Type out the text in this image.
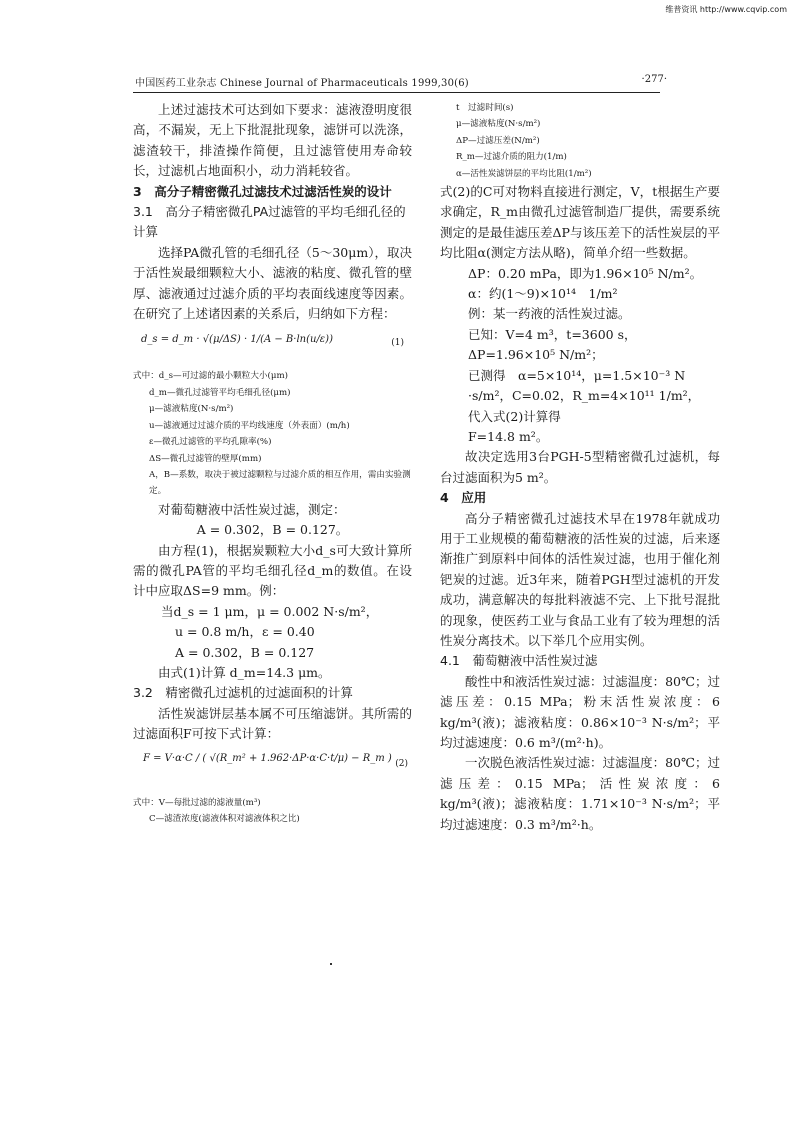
维普资讯 http://www.cqvip.com
中国医药工业杂志 Chinese Journal of Pharmaceuticals 1999,30(6)	·277·

上述过滤技术可达到如下要求：滤液澄明度很高，不漏炭，无上下批混批现象，滤饼可以洗涤，滤渣较干，排渣操作简便，且过滤管使用寿命较长，过滤机占地面积小，动力消耗较省。

3　高分子精密微孔过滤技术过滤活性炭的设计

3.1　高分子精密微孔PA过滤管的平均毛细孔径的计算

选择PA微孔管的毛细孔径（5～30μm），取决于活性炭最细颗粒大小、滤液的粘度、微孔管的壁厚、滤液通过过滤介质的平均表面线速度等因素。在研究了上述诸因素的关系后，归纳如下方程：

d_s = d_m · √(μ/ΔS) · 1/(A − B·ln(u/ε))	(1)

式中：d_s—可过滤的最小颗粒大小(μm)

d_m—微孔过滤管平均毛细孔径(μm)

μ—滤液粘度(N·s/m²)

u—滤液通过过滤介质的平均线速度（外表面）(m/h)

ε—微孔过滤管的平均孔隙率(%)

ΔS—微孔过滤管的壁厚(mm)

A，B—系数，取决于被过滤颗粒与过滤介质的相互作用，需由实验测定。

对葡萄糖液中活性炭过滤，测定：

A = 0.302，B = 0.127。

由方程(1)，根据炭颗粒大小d_s可大致计算所需的微孔PA管的平均毛细孔径d_m的数值。在设计中应取ΔS=9 mm。例：

当d_s = 1 μm，μ = 0.002 N·s/m²，

u = 0.8 m/h，ε = 0.40

A = 0.302，B = 0.127

由式(1)计算 d_m=14.3 μm。

3.2　精密微孔过滤机的过滤面积的计算

活性炭滤饼层基本属不可压缩滤饼。其所需的过滤面积F可按下式计算：

F = V·α·C / ( √(R_m² + 1.962·ΔP·α·C·t/μ) − R_m ) (2)

式中：V—每批过滤的滤液量(m³)

C—滤渣浓度(滤液体积对滤液体积之比)

t　过滤时间(s)

μ—滤液粘度(N·s/m²)

ΔP—过滤压差(N/m²)

R_m—过滤介质的阻力(1/m)

α—活性炭滤饼层的平均比阻(1/m²)

式(2)的C可对物料直接进行测定，V，t根据生产要求确定，R_m由微孔过滤管制造厂提供，需要系统测定的是最佳滤压差ΔP与该压差下的活性炭层的平均比阻α(测定方法从略)，简单介绍一些数据。

ΔP：0.20 mPa，即为1.96×10⁵ N/m²。

α：约(1～9)×10¹⁴　1/m²

例：某一药液的活性炭过滤。

已知：V=4 m³，t=3600 s，

ΔP=1.96×10⁵ N/m²；

已测得　α=5×10¹⁴，μ=1.5×10⁻³ N

·s/m²，C=0.02，R_m=4×10¹¹ 1/m²，

代入式(2)计算得

F=14.8 m²。

故决定选用3台PGH-5型精密微孔过滤机，每台过滤面积为5 m²。

4　应用

高分子精密微孔过滤技术早在1978年就成功用于工业规模的葡萄糖液的活性炭的过滤，后来逐渐推广到原料中间体的活性炭过滤，也用于催化剂钯炭的过滤。近3年来，随着PGH型过滤机的开发成功，满意解决的每批料液滤不完、上下批号混批的现象，使医药工业与食品工业有了较为理想的活性炭分离技术。以下举几个应用实例。

4.1　葡萄糖液中活性炭过滤

酸性中和液活性炭过滤：过滤温度：80℃；过滤压差：0.15 MPa；粉末活性炭浓度：6 kg/m³(液)；滤液粘度：0.86×10⁻³ N·s/m²；平均过滤速度：0.6 m³/(m²·h)。

一次脱色液活性炭过滤：过滤温度：80℃；过滤压差：0.15 MPa；活性炭浓度：6 kg/m³(液)；滤液粘度：1.71×10⁻³ N·s/m²；平均过滤速度：0.3 m³/m²·h。
